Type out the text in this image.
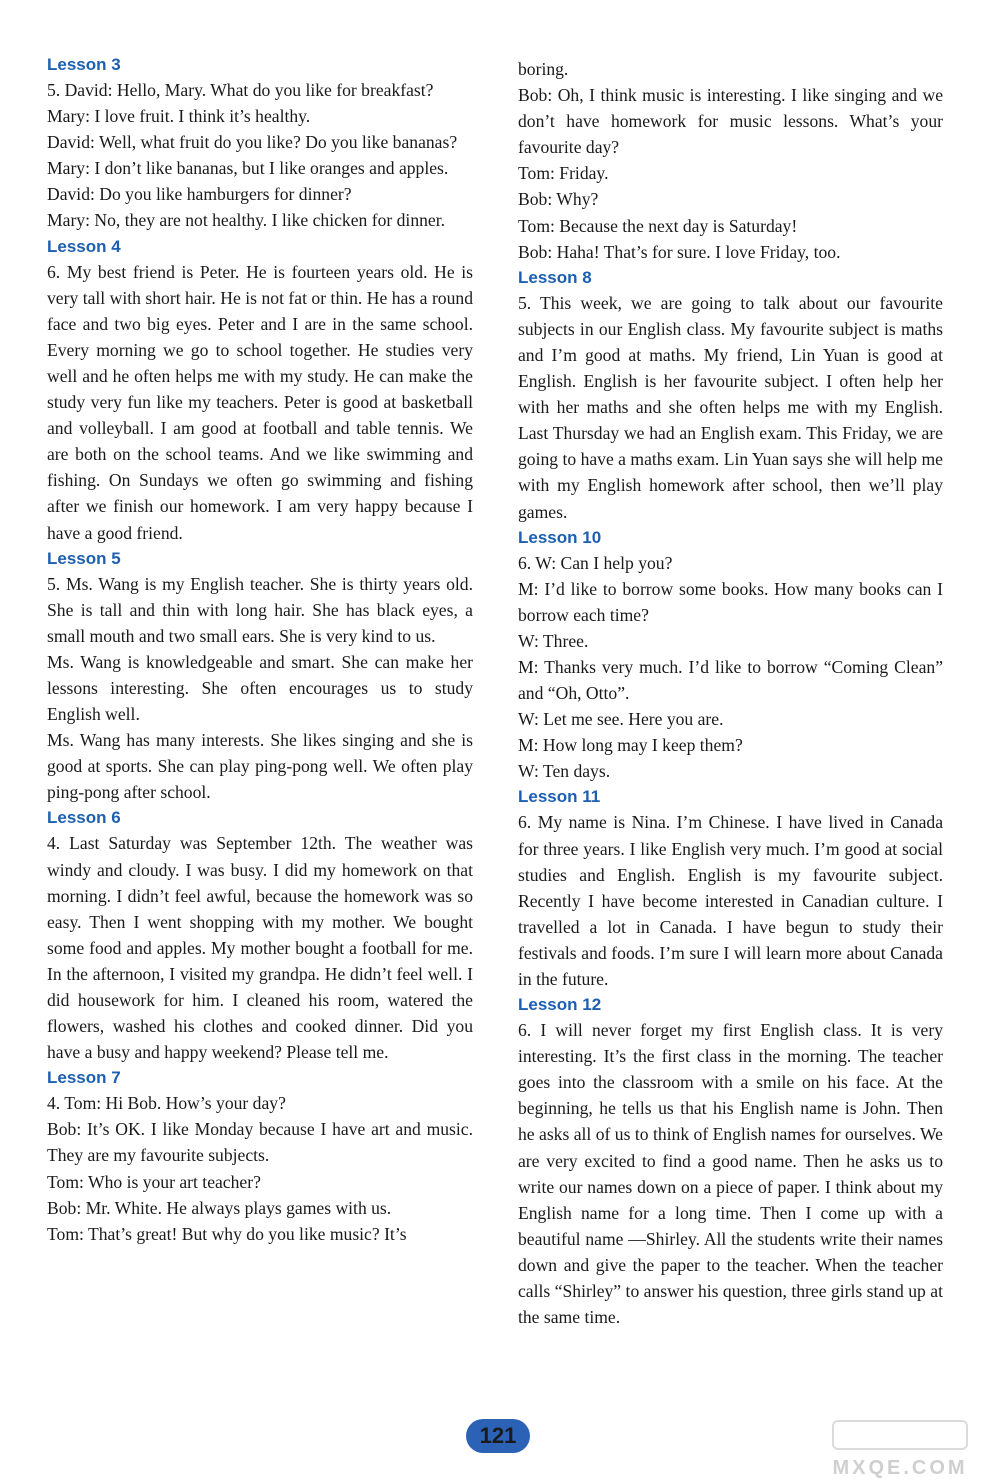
Lesson 3

5. David: Hello, Mary. What do you like for breakfast?

Mary: I love fruit. I think it’s healthy.

David: Well, what fruit do you like? Do you like bananas?

Mary: I don’t like bananas, but I like oranges and apples.

David: Do you like hamburgers for dinner?

Mary: No, they are not healthy. I like chicken for dinner.

Lesson 4

6. My best friend is Peter. He is fourteen years old. He is very tall with short hair. He is not fat or thin. He has a round face and two big eyes. Peter and I are in the same school. Every morning we go to school together. He studies very well and he often helps me with my study. He can make the study very fun like my teachers. Peter is good at basketball and volleyball. I am good at football and table tennis. We are both on the school teams. And we like swimming and fishing. On Sundays we often go swimming and fishing after we finish our homework. I am very happy because I have a good friend.

Lesson 5

5. Ms. Wang is my English teacher. She is thirty years old. She is tall and thin with long hair. She has black eyes, a small mouth and two small ears. She is very kind to us.

Ms. Wang is knowledgeable and smart. She can make her lessons interesting. She often encourages us to study English well.

Ms. Wang has many interests. She likes singing and she is good at sports. She can play ping-pong well. We often play ping-pong after school.

Lesson 6

4. Last Saturday was September 12th. The weather was windy and cloudy. I was busy. I did my homework on that morning. I didn’t feel awful, because the homework was so easy. Then I went shopping with my mother. We bought some food and apples. My mother bought a football for me. In the afternoon, I visited my grandpa. He didn’t feel well. I did housework for him. I cleaned his room, watered the flowers, washed his clothes and cooked dinner. Did you have a busy and happy weekend? Please tell me.

Lesson 7

4. Tom: Hi Bob. How’s your day?

Bob: It’s OK. I like Monday because I have art and music. They are my favourite subjects.

Tom: Who is your art teacher?

Bob: Mr. White. He always plays games with us.

Tom: That’s great! But why do you like music? It’s

boring.

Bob: Oh, I think music is interesting. I like singing and we don’t have homework for music lessons. What’s your favourite day?

Tom: Friday.

Bob: Why?

Tom: Because the next day is Saturday!

Bob: Haha! That’s for sure. I love Friday, too.

Lesson 8

5. This week, we are going to talk about our favourite subjects in our English class. My favourite subject is maths and I’m good at maths. My friend, Lin Yuan is good at English. English is her favourite subject. I often help her with her maths and she often helps me with my English. Last Thursday we had an English exam. This Friday, we are going to have a maths exam. Lin Yuan says she will help me with my English homework after school, then we’ll play games.

Lesson 10

6. W: Can I help you?

M: I’d like to borrow some books. How many books can I borrow each time?

W: Three.

M: Thanks very much. I’d like to borrow “Coming Clean” and “Oh, Otto”.

W: Let me see. Here you are.

M: How long may I keep them?

W: Ten days.

Lesson 11

6. My name is Nina. I’m Chinese. I have lived in Canada for three years. I like English very much. I’m good at social studies and English. English is my favourite subject. Recently I have become interested in Canadian culture. I travelled a lot in Canada. I have begun to study their festivals and foods. I’m sure I will learn more about Canada in the future.

Lesson 12

6. I will never forget my first English class. It is very interesting. It’s the first class in the morning. The teacher goes into the classroom with a smile on his face. At the beginning, he tells us that his English name is John. Then he asks all of us to think of English names for ourselves. We are very excited to find a good name. Then he asks us to write our names down on a piece of paper. I think about my English name for a long time. Then I come up with a beautiful name —Shirley. All the students write their names down and give the paper to the teacher. When the teacher calls “Shirley” to answer his question, three girls stand up at the same time.

121
MXQE.COM
